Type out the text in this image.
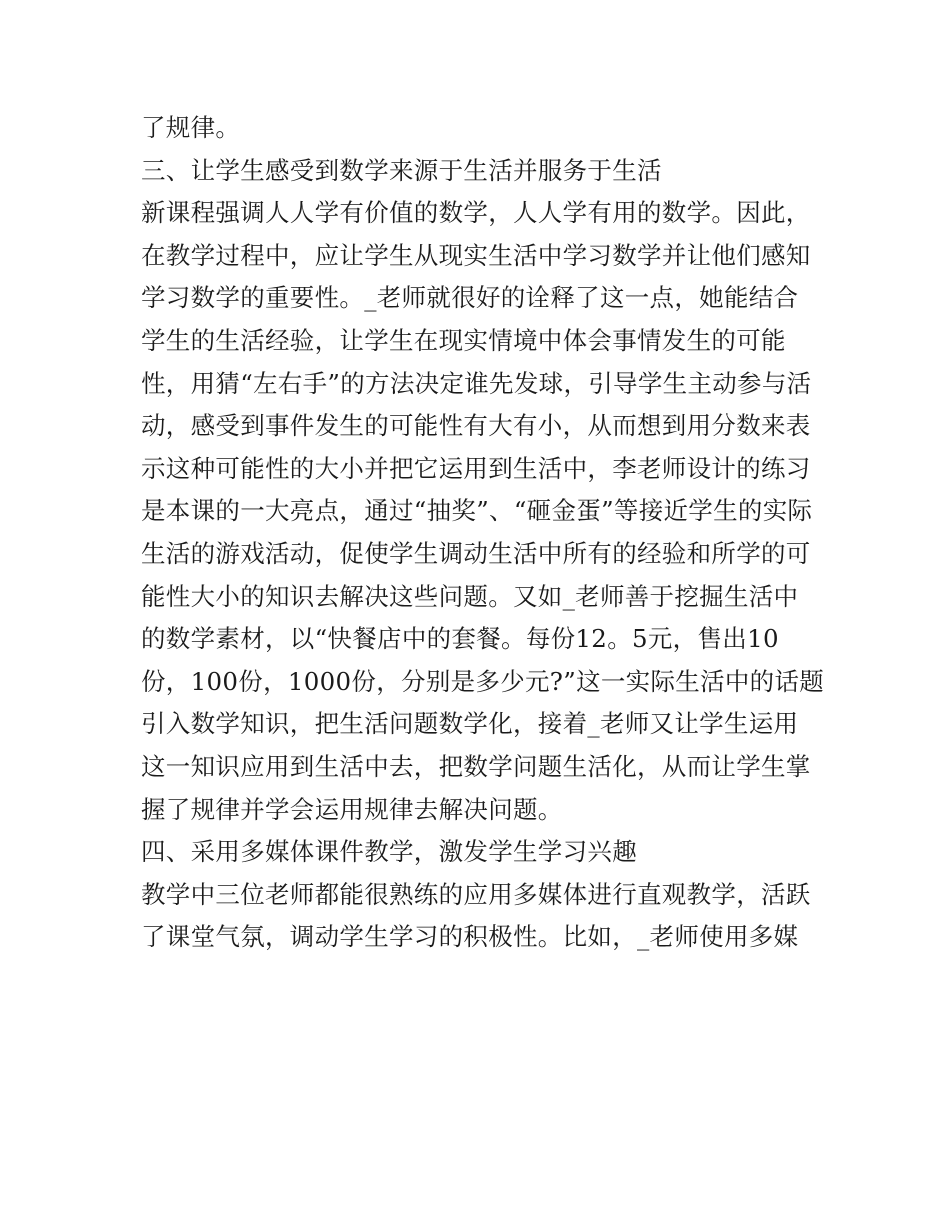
了规律。
三、让学生感受到数学来源于生活并服务于生活
新课程强调人人学有价值的数学，人人学有用的数学。因此，
在教学过程中，应让学生从现实生活中学习数学并让他们感知
学习数学的重要性。_老师就很好的诠释了这一点，她能结合
学生的生活经验，让学生在现实情境中体会事情发生的可能
性，用猜“左右手”的方法决定谁先发球，引导学生主动参与活
动，感受到事件发生的可能性有大有小，从而想到用分数来表
示这种可能性的大小并把它运用到生活中，李老师设计的练习
是本课的一大亮点，通过“抽奖”、“砸金蛋”等接近学生的实际
生活的游戏活动，促使学生调动生活中所有的经验和所学的可
能性大小的知识去解决这些问题。又如_老师善于挖掘生活中
的数学素材，以“快餐店中的套餐。每份12。5元，售出10
份，100份，1000份，分别是多少元?”这一实际生活中的话题
引入数学知识，把生活问题数学化，接着_老师又让学生运用
这一知识应用到生活中去，把数学问题生活化，从而让学生掌
握了规律并学会运用规律去解决问题。
四、采用多媒体课件教学，激发学生学习兴趣
教学中三位老师都能很熟练的应用多媒体进行直观教学，活跃
了课堂气氛，调动学生学习的积极性。比如，_老师使用多媒
